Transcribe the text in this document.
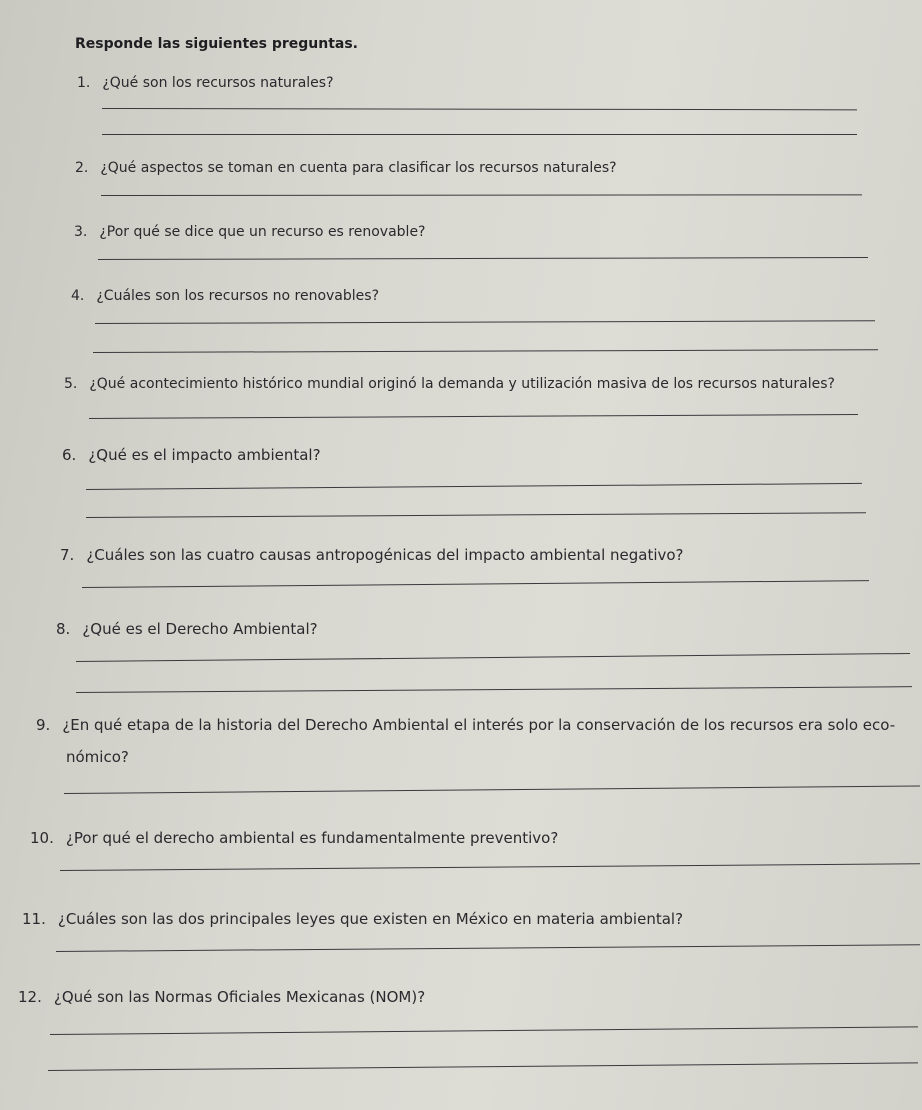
Responde las siguientes preguntas.
1. ¿Qué son los recursos naturales?
2. ¿Qué aspectos se toman en cuenta para clasificar los recursos naturales?
3. ¿Por qué se dice que un recurso es renovable?
4. ¿Cuáles son los recursos no renovables?
5. ¿Qué acontecimiento histórico mundial originó la demanda y utilización masiva de los recursos naturales?
6. ¿Qué es el impacto ambiental?
7. ¿Cuáles son las cuatro causas antropogénicas del impacto ambiental negativo?
8. ¿Qué es el Derecho Ambiental?
9. ¿En qué etapa de la historia del Derecho Ambiental el interés por la conservación de los recursos era solo eco-
nómico?
10. ¿Por qué el derecho ambiental es fundamentalmente preventivo?
11. ¿Cuáles son las dos principales leyes que existen en México en materia ambiental?
12. ¿Qué son las Normas Oficiales Mexicanas (NOM)?
